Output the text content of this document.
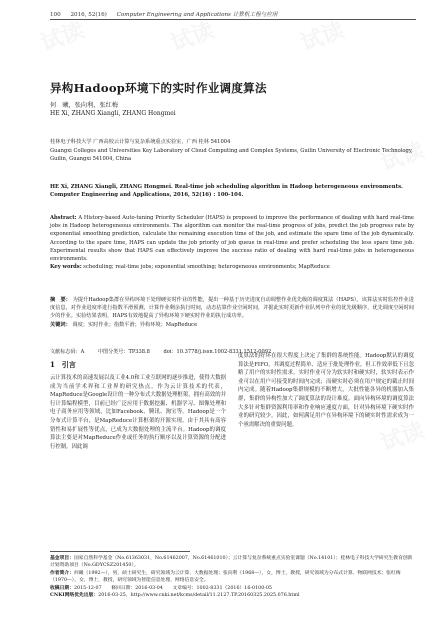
试读	试读	试读
试读
试读
100 2016, 52(16) Computer Engineering and Applications 计算机工程与应用
异构Hadoop环境下的实时作业调度算法
何　曦，张向利，张红梅
HE Xi, ZHANG Xiangli, ZHANG Hongmei
桂林电子科技大学 广西高校云计算与复杂系统重点实验室，广西 桂林 541004
Guangxi Colleges and Universities Key Laboratory of Cloud Computing and Complex Systems, Guilin University of Electronic Technology, Guilin, Guangxi 541004, China
HE Xi, ZHANG Xiangli, ZHANG Hongmei. Real-time job scheduling algorithm in Hadoop heterogeneous environments. Computer Engineering and Applications, 2016, 52(16) : 100-104.
Abstract: A History-based Auto-tuning Priority Scheduler (HAPS) is proposed to improve the performance of dealing with hard real-time jobs in Hadoop heterogeneous environments. The algorithm can monitor the real-time progress of jobs, predict the job progress rate by exponential smoothing prediction, calculate the remaining execution time of the job, and estimate the spare time of the job dynamically. According to the spare time, HAPS can update the job priority of job queue in real-time and prefer scheduling the less spare time job. Experimental results show that HAPS can effectively improve the success ratio of dealing with hard real-time jobs in heterogeneous environments.
Key words: scheduling; real-time jobs; exponential smoothing; heterogeneous environments; MapReduce
摘　要： 为提升Hadoop集群在异构环境下处理硬实时作业的性能，提出一种基于历史进度自动调整作业优先级的调度算法（HAPS）。该算法实时监控作业进度信息，对作业进度率进行指数平滑预测，计算作业剩余执行时间，动态估算作业空闲时间，并据此实时更新作业队列中作业的优先级顺序，优先调度空闲时间少的作业。实验结果表明，HAPS有效地提高了异构环境下硬实时作业的执行成功率。
关键词： 调度；实时作业；指数平滑；异构环境；MapReduce
文献标志码：A	中图分类号：TP338.8	doi：10.3778/j.issn.1002-8331.1512-0092
1　引言
云计算技术的高速发展以及工业4.0和工业互联网的逐步推进，使得大数据成为当前学术界和工业界的研究热点。作为云计算技术的代表，MapReduce是Google设计的一种分布式大数据处理框架，拥有高效的并行计算编程模型，目前已经广泛应用于数据挖掘、机器学习、图像处理和电子商务应用等领域，比如Facebook、腾讯、淘宝等。Hadoop是一个分布式计算平台，是MapReduce计算框架的开源实现。由于其具有高容错性和易扩展性等优点，已成为大数据处理的主流平台。Hadoop的调度算法主要是对MapReduce作业或任务的执行顺序以及计算资源的分配进行控制。因此调
度算法的好坏在很大程度上决定了集群的系统性能。Hadoop默认的调度算法是FIFO，其调度过程简单、适应于批处理作业，但工作效率低下且忽略了用户的实时性需求。实时作业可分为软实时和硬实时，软实时表示作业可以在用户可接受的时间内完成；而硬实时必须在用户规定的截止时间内完成。随着Hadoop集群规模的不断增大，大批性能各异的机器加入集群，集群的异构性加大了调度算法的设计难度。面向异构环境的调度算法大多针对集群资源利用率和作业响应速度方面，针对异构环境下硬实时作业的研究较少。因此，如何满足用户在异构环境下的硬实时性需求成为一个亟需解决的重要问题。
基金项目：国家自然科学基金（No.61363031，No.61462007，No.61461010）；云计算与复杂系统重点实验室课题（No.14101）；桂林电子科技大学研究生教育创新计划资助项目（No.GDYCSZ201450）。
作者简介：何曦（1992—），男，硕士研究生，研究领域为云计算、大数据处理；张向利（1968—），女，博士，教授，研究领域为分布式计算、物联网技术；张红梅（1970—），女，博士，教授，研究领域为智能信息处理、网络信息安全。
收稿日期：2015-12-07　　修回日期：2016-03-04　　文章编号：1002-8331（2016）16-0100-05
CNKI网络优先出版：2016-03-25，http://www.cnki.net/kcms/detail/11.2127.TP.20160325.2025.076.html
